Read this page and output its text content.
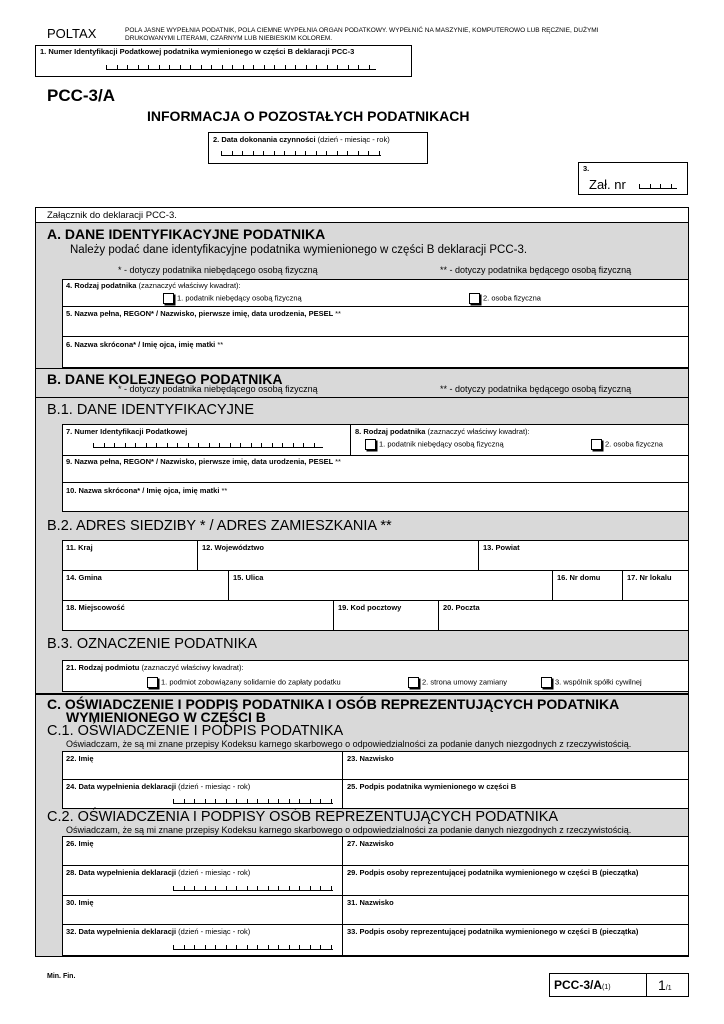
POLTAX	POLA JASNE WYPEŁNIA PODATNIK, POLA CIEMNE WYPEŁNIA ORGAN PODATKOWY. WYPEŁNIĆ NA MASZYNIE, KOMPUTEROWO LUB RĘCZNIE, DUŻYMI
DRUKOWANYMI LITERAMI, CZARNYM LUB NIEBIESKIM KOLOREM.
1. Numer Identyfikacji Podatkowej podatnika wymienionego w części B deklaracji PCC-3
PCC-3/A
INFORMACJA O POZOSTAŁYCH PODATNIKACH
2. Data dokonania czynności (dzień - miesiąc - rok)
3.
Zał. nr
Załącznik do deklaracji PCC-3.
A. DANE IDENTYFIKACYJNE PODATNIKA
Należy podać dane identyfikacyjne podatnika wymienionego w części B deklaracji PCC-3.
* - dotyczy podatnika niebędącego osobą fizyczną	** - dotyczy podatnika będącego osobą fizyczną
4. Rodzaj podatnika (zaznaczyć właściwy kwadrat):
1. podatnik niebędący osobą fizyczną	2. osoba fizyczna
5. Nazwa pełna, REGON* / Nazwisko, pierwsze imię, data urodzenia, PESEL **
6. Nazwa skrócona* / Imię ojca, imię matki **
B. DANE KOLEJNEGO PODATNIKA
* - dotyczy podatnika niebędącego osobą fizyczną	** - dotyczy podatnika będącego osobą fizyczną
B.1. DANE IDENTYFIKACYJNE
7. Numer Identyfikacji Podatkowej	8. Rodzaj podatnika (zaznaczyć właściwy kwadrat):
1. podatnik niebędący osobą fizyczną	2. osoba fizyczna
9. Nazwa pełna, REGON* / Nazwisko, pierwsze imię, data urodzenia, PESEL **
10. Nazwa skrócona* / Imię ojca, imię matki **
B.2. ADRES SIEDZIBY * / ADRES ZAMIESZKANIA **
11. Kraj	12. Województwo	13. Powiat
14. Gmina	15. Ulica	16. Nr domu	17. Nr lokalu
18. Miejscowość	19. Kod pocztowy	20. Poczta
B.3. OZNACZENIE PODATNIKA
21. Rodzaj podmiotu (zaznaczyć właściwy kwadrat):
1. podmiot zobowiązany solidarnie do zapłaty podatku	2. strona umowy zamiany	3. wspólnik spółki cywilnej
C. OŚWIADCZENIE I PODPIS PODATNIKA I OSÓB REPREZENTUJĄCYCH PODATNIKA
WYMIENIONEGO W CZĘŚCI B
C.1. OŚWIADCZENIE I PODPIS PODATNIKA
Oświadczam, że są mi znane przepisy Kodeksu karnego skarbowego o odpowiedzialności za podanie danych niezgodnych z rzeczywistością.
22. Imię	23. Nazwisko
24. Data wypełnienia deklaracji (dzień - miesiąc - rok)	25. Podpis podatnika wymienionego w części B
C.2. OŚWIADCZENIA I PODPISY OSÓB REPREZENTUJĄCYCH PODATNIKA
Oświadczam, że są mi znane przepisy Kodeksu karnego skarbowego o odpowiedzialności za podanie danych niezgodnych z rzeczywistością.
26. Imię	27. Nazwisko
28. Data wypełnienia deklaracji (dzień - miesiąc - rok)	29. Podpis osoby reprezentującej podatnika wymienionego w części B (pieczątka)
30. Imię	31. Nazwisko
32. Data wypełnienia deklaracji (dzień - miesiąc - rok)	33. Podpis osoby reprezentującej podatnika wymienionego w części B (pieczątka)
Min. Fin.
PCC-3/A(1)	1/1
